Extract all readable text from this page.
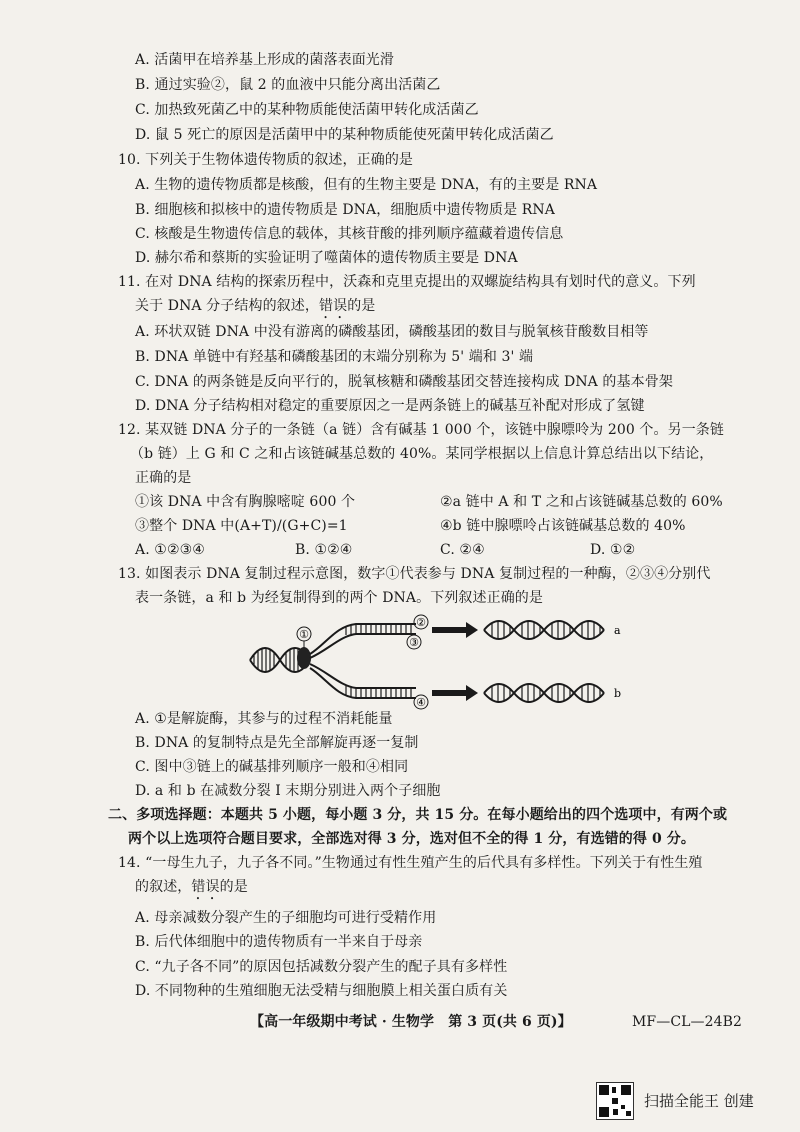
A. 活菌甲在培养基上形成的菌落表面光滑
B. 通过实验②，鼠 2 的血液中只能分离出活菌乙
C. 加热致死菌乙中的某种物质能使活菌甲转化成活菌乙
D. 鼠 5 死亡的原因是活菌甲中的某种物质能使死菌甲转化成活菌乙
10. 下列关于生物体遗传物质的叙述，正确的是
A. 生物的遗传物质都是核酸，但有的生物主要是 DNA，有的主要是 RNA
B. 细胞核和拟核中的遗传物质是 DNA，细胞质中遗传物质是 RNA
C. 核酸是生物遗传信息的载体，其核苷酸的排列顺序蕴藏着遗传信息
D. 赫尔希和蔡斯的实验证明了噬菌体的遗传物质主要是 DNA
11. 在对 DNA 结构的探索历程中，沃森和克里克提出的双螺旋结构具有划时代的意义。下列
关于 DNA 分子结构的叙述，错误的是
A. 环状双链 DNA 中没有游离的磷酸基团，磷酸基团的数目与脱氧核苷酸数目相等
B. DNA 单链中有羟基和磷酸基团的末端分别称为 5' 端和 3' 端
C. DNA 的两条链是反向平行的，脱氧核糖和磷酸基团交替连接构成 DNA 的基本骨架
D. DNA 分子结构相对稳定的重要原因之一是两条链上的碱基互补配对形成了氢键
12. 某双链 DNA 分子的一条链（a 链）含有碱基 1 000 个，该链中腺嘌呤为 200 个。另一条链
（b 链）上 G 和 C 之和占该链碱基总数的 40%。某同学根据以上信息计算总结出以下结论，
正确的是
①该 DNA 中含有胸腺嘧啶 600 个	②a 链中 A 和 T 之和占该链碱基总数的 60%
③整个 DNA 中(A+T)/(G+C)=1	④b 链中腺嘌呤占该链碱基总数的 40%
A. ①②③④	B. ①②④	C. ②④	D. ①②
13. 如图表示 DNA 复制过程示意图，数字①代表参与 DNA 复制过程的一种酶，②③④分别代
表一条链，a 和 b 为经复制得到的两个 DNA。下列叙述正确的是
①
②
③
④
a
b
A. ①是解旋酶，其参与的过程不消耗能量
B. DNA 的复制特点是先全部解旋再逐一复制
C. 图中③链上的碱基排列顺序一般和④相同
D. a 和 b 在减数分裂 I 末期分别进入两个子细胞
二、多项选择题：本题共 5 小题，每小题 3 分，共 15 分。在每小题给出的四个选项中，有两个或
两个以上选项符合题目要求，全部选对得 3 分，选对但不全的得 1 分，有选错的得 0 分。
14. “一母生九子，九子各不同。”生物通过有性生殖产生的后代具有多样性。下列关于有性生殖
的叙述，错误的是
A. 母亲减数分裂产生的子细胞均可进行受精作用
B. 后代体细胞中的遗传物质有一半来自于母亲
C. “九子各不同”的原因包括减数分裂产生的配子具有多样性
D. 不同物种的生殖细胞无法受精与细胞膜上相关蛋白质有关
【高一年级期中考试 · 生物学　第 3 页(共 6 页)】	MF—CL—24B2
扫描全能王 创建
